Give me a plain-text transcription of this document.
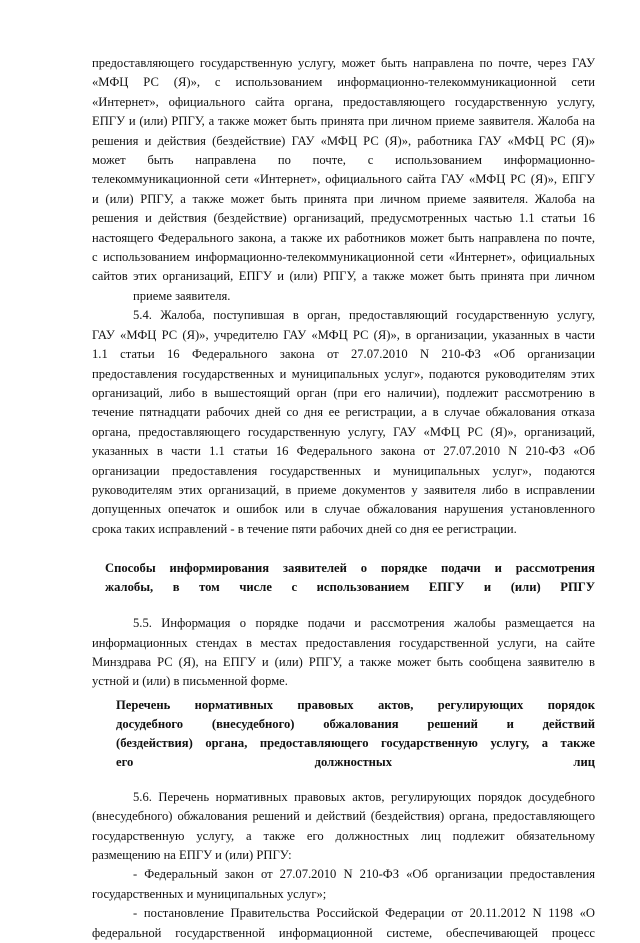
предоставляющего государственную услугу, может быть направлена по почте, через ГАУ

«МФЦ РС (Я)», с использованием информационно-телекоммуникационной сети

«Интернет», официального сайта органа, предоставляющего государственную услугу,

ЕПГУ и (или) РПГУ, а также может быть принята при личном приеме заявителя. Жалоба на

решения и действия (бездействие) ГАУ «МФЦ РС (Я)», работника ГАУ «МФЦ РС (Я)»

может быть направлена по почте, с использованием информационно-

телекоммуникационной сети «Интернет», официального сайта ГАУ «МФЦ РС (Я)», ЕПГУ

и (или) РПГУ, а также может быть принята при личном приеме заявителя. Жалоба на

решения и действия (бездействие) организаций, предусмотренных частью 1.1 статьи 16

настоящего Федерального закона, а также их работников может быть направлена по почте,

с использованием информационно-телекоммуникационной сети «Интернет», официальных

сайтов этих организаций, ЕПГУ и (или) РПГУ, а также может быть принята при личном

приеме заявителя.

5.4. Жалоба, поступившая в орган, предоставляющий государственную услугу,

ГАУ «МФЦ РС (Я)», учредителю ГАУ «МФЦ РС (Я)», в организации, указанных в части

1.1 статьи 16 Федерального закона от 27.07.2010 N 210-ФЗ «Об организации

предоставления государственных и муниципальных услуг», подаются руководителям этих

организаций, либо в вышестоящий орган (при его наличии), подлежит рассмотрению в

течение пятнадцати рабочих дней со дня ее регистрации, а в случае обжалования отказа

органа, предоставляющего государственную услугу, ГАУ «МФЦ РС (Я)», организаций,

указанных в части 1.1 статьи 16 Федерального закона от 27.07.2010 N 210-ФЗ «Об

организации предоставления государственных и муниципальных услуг», подаются

руководителям этих организаций, в приеме документов у заявителя либо в исправлении

допущенных опечаток и ошибок или в случае обжалования нарушения установленного

срока таких исправлений - в течение пяти рабочих дней со дня ее регистрации.

Способы информирования заявителей о порядке подачи и рассмотрения

жалобы, в том числе с использованием ЕПГУ и (или) РПГУ

5.5. Информация о порядке подачи и рассмотрения жалобы размещается на

информационных стендах в местах предоставления государственной услуги, на сайте

Минздрава РС (Я), на ЕПГУ и (или) РПГУ, а также может быть сообщена заявителю в

устной и (или) в письменной форме.

Перечень нормативных правовых актов, регулирующих порядок

досудебного (внесудебного) обжалования решений и действий

(бездействия) органа, предоставляющего государственную услугу, а также

его должностных лиц

5.6. Перечень нормативных правовых актов, регулирующих порядок досудебного

(внесудебного) обжалования решений и действий (бездействия) органа, предоставляющего

государственную услугу, а также его должностных лиц подлежит обязательному

размещению на ЕПГУ и (или) РПГУ:

- Федеральный закон от 27.07.2010 N 210-ФЗ «Об организации предоставления

государственных и муниципальных услуг»;

- постановление Правительства Российской Федерации от 20.11.2012 N 1198 «О

федеральной государственной информационной системе, обеспечивающей процесс
